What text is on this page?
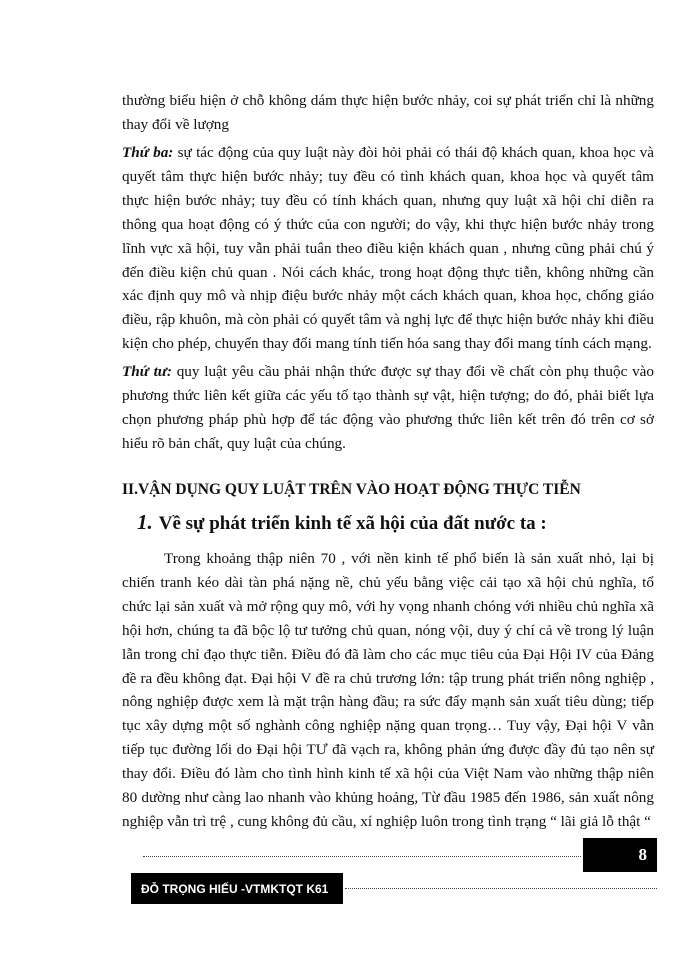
thường biểu hiện ở chỗ không dám thực hiện bước nhảy, coi sự phát triển chỉ là những thay đổi về lượng

Thứ ba: sự tác động của quy luật này đòi hỏi phải có thái độ khách quan, khoa học và quyết tâm thực hiện bước nhảy; tuy đều có tình khách quan, khoa học và quyết tâm thực hiện bước nhảy; tuy đều có tính khách quan, nhưng quy luật xã hội chỉ diễn ra thông qua hoạt động có ý thức của con người; do vậy, khi thực hiện bước nhảy trong lĩnh vực xã hội, tuy vẫn phải tuân theo điều kiện khách quan , nhưng cũng phải chú ý đến điều kiện chủ quan . Nói cách khác, trong hoạt động thực tiễn, không những cần xác định quy mô và nhịp điệu bước nhảy một cách khách quan, khoa học, chống giáo điều, rập khuôn, mà còn phải có quyết tâm và nghị lực để thực hiện bước nhảy khi điều kiện cho phép, chuyển thay đổi mang tính tiến hóa sang thay đổi mang tính cách mạng.

Thứ tư: quy luật yêu cầu phải nhận thức được sự thay đổi về chất còn phụ thuộc vào phương thức liên kết giữa các yếu tố tạo thành sự vật, hiện tượng; do đó, phải biết lựa chọn phương pháp phù hợp để tác động vào phương thức liên kết trên đó trên cơ sở hiểu rõ bản chất, quy luật của chúng.

II.VẬN DỤNG QUY LUẬT TRÊN VÀO HOẠT ĐỘNG THỰC TIỄN
1. Về sự phát triển kinh tế xã hội của đất nước ta :

Trong khoảng thập niên 70 , với nền kinh tế phổ biến là sản xuất nhỏ, lại bị chiến tranh kéo dài tàn phá nặng nề, chủ yếu bằng việc cải tạo xã hội chủ nghĩa, tổ chức lại sản xuất và mở rộng quy mô, với hy vọng nhanh chóng với nhiều chủ nghĩa xã hội hơn, chúng ta đã bộc lộ tư tưởng chủ quan, nóng vội, duy ý chí cả về trong lý luận lẫn trong chỉ đạo thực tiễn. Điều đó đã làm cho các mục tiêu của Đại Hội IV của Đảng đề ra đều không đạt. Đại hội V đề ra chủ trương lớn: tập trung phát triển nông nghiệp , nông nghiệp được xem là mặt trận hàng đầu; ra sức đẩy mạnh sản xuất tiêu dùng; tiếp tục xây dựng một số nghành công nghiệp nặng quan trọng… Tuy vậy, Đại hội V vẫn tiếp tục đường lối do Đại hội TƯ đã vạch ra, không phản ứng được đầy đủ tạo nên sự thay đổi. Điều đó làm cho tình hình kinh tế xã hội của Việt Nam vào những thập niên 80 dường như càng lao nhanh vào khủng hoảng, Từ đầu 1985 đến 1986, sản xuất nông nghiệp vẫn trì trệ , cung không đủ cầu, xí nghiệp luôn trong tình trạng “ lãi giả lỗ thật “

8
ĐỖ TRỌNG HIẾU -VTMKTQT K61
